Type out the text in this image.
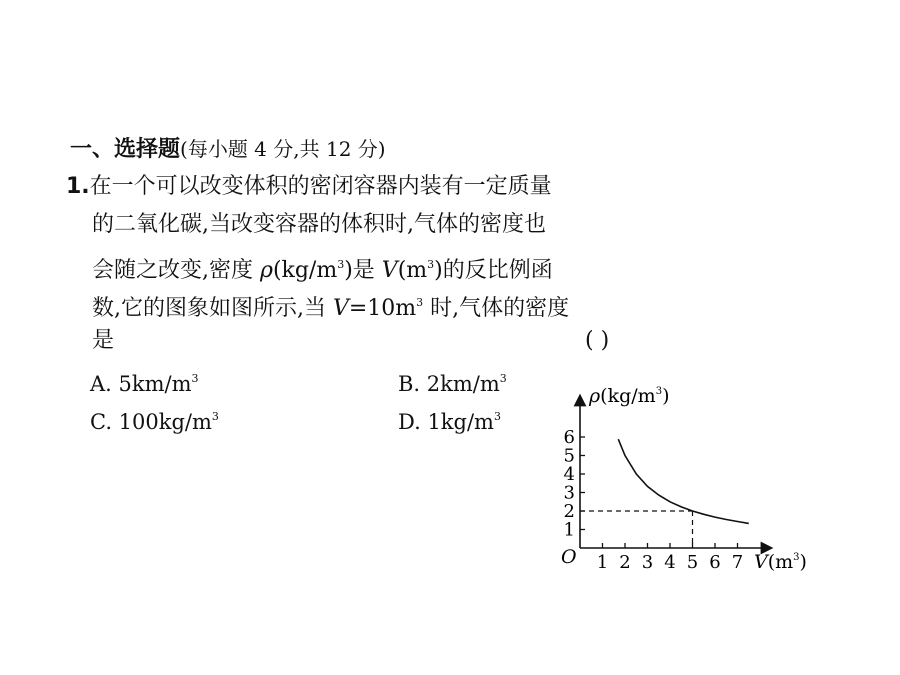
一、选择题(每小题 4 分,共 12 分)
1.在一个可以改变体积的密闭容器内装有一定质量
的二氧化碳,当改变容器的体积时,气体的密度也
会随之改变,密度 $\rho(kg/m^3)$是 $V(m^3)$的反比例函
数,它的图象如图所示,当 $V=10m^3$ 时,气体的密度
是	( )
A. $5km/m^3$	B. $2km/m^3$
C. $100kg/m^3$	D. $1kg/m^3$
$\rho(kg/m^3)$
$V(m^3)$
O 1 2 3 4 5 6 7
1
2
3
4
5
6
